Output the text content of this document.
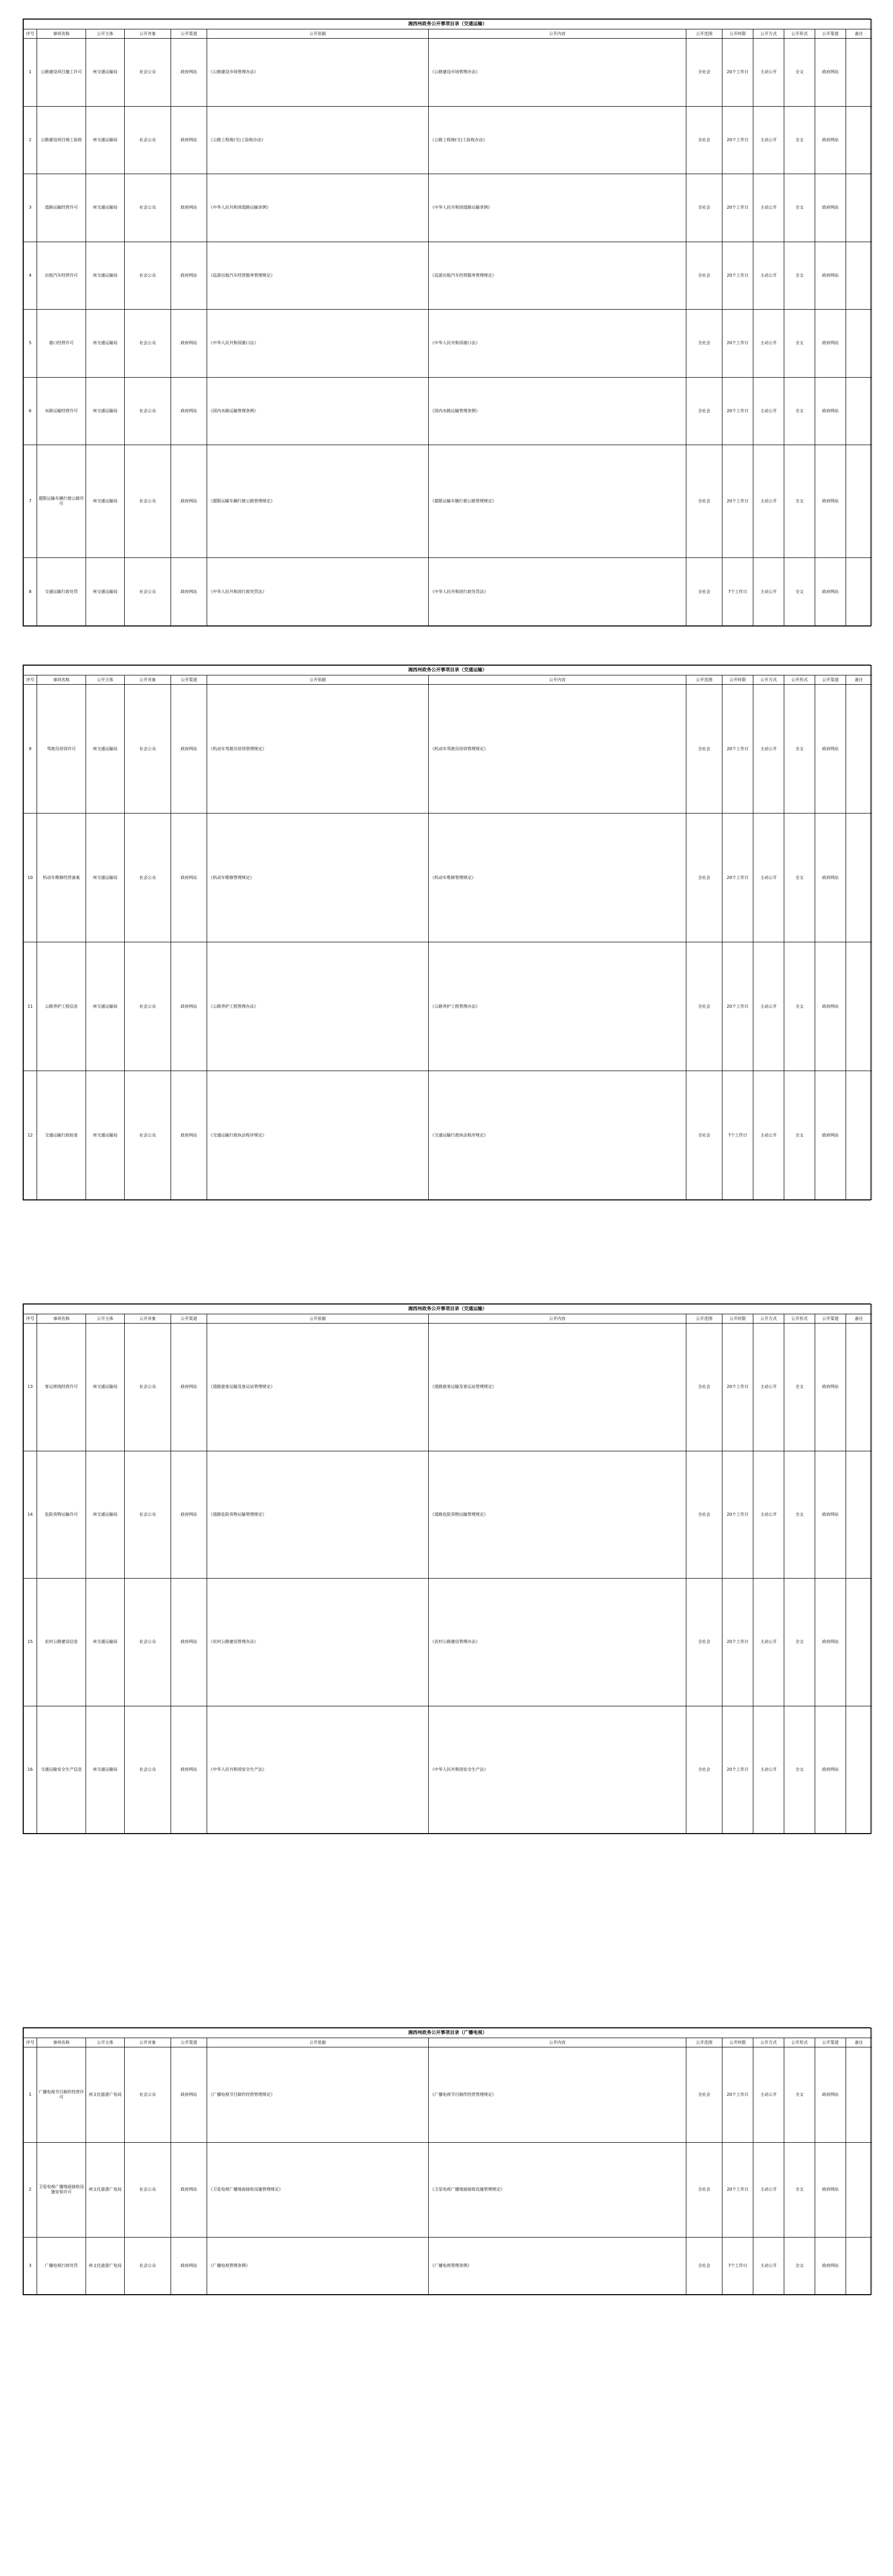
湘西州政务公开事项目录（交通运输）												
序号	事项名称	公开主体	公开对象	公开渠道	公开依据	公开内容	公开范围	公开时限	公开方式	公开形式	公开渠道	备注
1	公路建设项目施工许可	州交通运输局	社会公众	政府网站	《公路建设市场管理办法》	《公路建设市场管理办法》	全社会	20个工作日	主动公开	全文	政府网站	
2	公路建设项目竣工验收	州交通运输局	社会公众	政府网站	《公路工程竣(交)工验收办法》	《公路工程竣(交)工验收办法》	全社会	20个工作日	主动公开	全文	政府网站	
3	道路运输经营许可	州交通运输局	社会公众	政府网站	《中华人民共和国道路运输条例》	《中华人民共和国道路运输条例》	全社会	20个工作日	主动公开	全文	政府网站	
4	出租汽车经营许可	州交通运输局	社会公众	政府网站	《巡游出租汽车经营服务管理规定》	《巡游出租汽车经营服务管理规定》	全社会	20个工作日	主动公开	全文	政府网站	
5	港口经营许可	州交通运输局	社会公众	政府网站	《中华人民共和国港口法》	《中华人民共和国港口法》	全社会	20个工作日	主动公开	全文	政府网站	
6	水路运输经营许可	州交通运输局	社会公众	政府网站	《国内水路运输管理条例》	《国内水路运输管理条例》	全社会	20个工作日	主动公开	全文	政府网站	
7	超限运输车辆行驶公路许可	州交通运输局	社会公众	政府网站	《超限运输车辆行驶公路管理规定》	《超限运输车辆行驶公路管理规定》	全社会	20个工作日	主动公开	全文	政府网站	
8	交通运输行政处罚	州交通运输局	社会公众	政府网站	《中华人民共和国行政处罚法》	《中华人民共和国行政处罚法》	全社会	7个工作日	主动公开	全文	政府网站	
湘西州政务公开事项目录（交通运输）												
序号	事项名称	公开主体	公开对象	公开渠道	公开依据	公开内容	公开范围	公开时限	公开方式	公开形式	公开渠道	备注
9	驾驶员培训许可	州交通运输局	社会公众	政府网站	《机动车驾驶员培训管理规定》	《机动车驾驶员培训管理规定》	全社会	20个工作日	主动公开	全文	政府网站	
10	机动车维修经营备案	州交通运输局	社会公众	政府网站	《机动车维修管理规定》	《机动车维修管理规定》	全社会	20个工作日	主动公开	全文	政府网站	
11	公路养护工程信息	州交通运输局	社会公众	政府网站	《公路养护工程管理办法》	《公路养护工程管理办法》	全社会	20个工作日	主动公开	全文	政府网站	
12	交通运输行政检查	州交通运输局	社会公众	政府网站	《交通运输行政执法程序规定》	《交通运输行政执法程序规定》	全社会	7个工作日	主动公开	全文	政府网站	
湘西州政务公开事项目录（交通运输）												
序号	事项名称	公开主体	公开对象	公开渠道	公开依据	公开内容	公开范围	公开时限	公开方式	公开形式	公开渠道	备注
13	客运班线经营许可	州交通运输局	社会公众	政府网站	《道路旅客运输及客运站管理规定》	《道路旅客运输及客运站管理规定》	全社会	20个工作日	主动公开	全文	政府网站	
14	危险货物运输许可	州交通运输局	社会公众	政府网站	《道路危险货物运输管理规定》	《道路危险货物运输管理规定》	全社会	20个工作日	主动公开	全文	政府网站	
15	农村公路建设信息	州交通运输局	社会公众	政府网站	《农村公路建设管理办法》	《农村公路建设管理办法》	全社会	20个工作日	主动公开	全文	政府网站	
16	交通运输安全生产信息	州交通运输局	社会公众	政府网站	《中华人民共和国安全生产法》	《中华人民共和国安全生产法》	全社会	20个工作日	主动公开	全文	政府网站	
湘西州政务公开事项目录（广播电视）												
序号	事项名称	公开主体	公开对象	公开渠道	公开依据	公开内容	公开范围	公开时限	公开方式	公开形式	公开渠道	备注
1	广播电视节目制作经营许可	州文化旅游广电局	社会公众	政府网站	《广播电视节目制作经营管理规定》	《广播电视节目制作经营管理规定》	全社会	20个工作日	主动公开	全文	政府网站	
2	卫星电视广播地面接收设施安装许可	州文化旅游广电局	社会公众	政府网站	《卫星电视广播地面接收设施管理规定》	《卫星电视广播地面接收设施管理规定》	全社会	20个工作日	主动公开	全文	政府网站	
3	广播电视行政处罚	州文化旅游广电局	社会公众	政府网站	《广播电视管理条例》	《广播电视管理条例》	全社会	7个工作日	主动公开	全文	政府网站	
